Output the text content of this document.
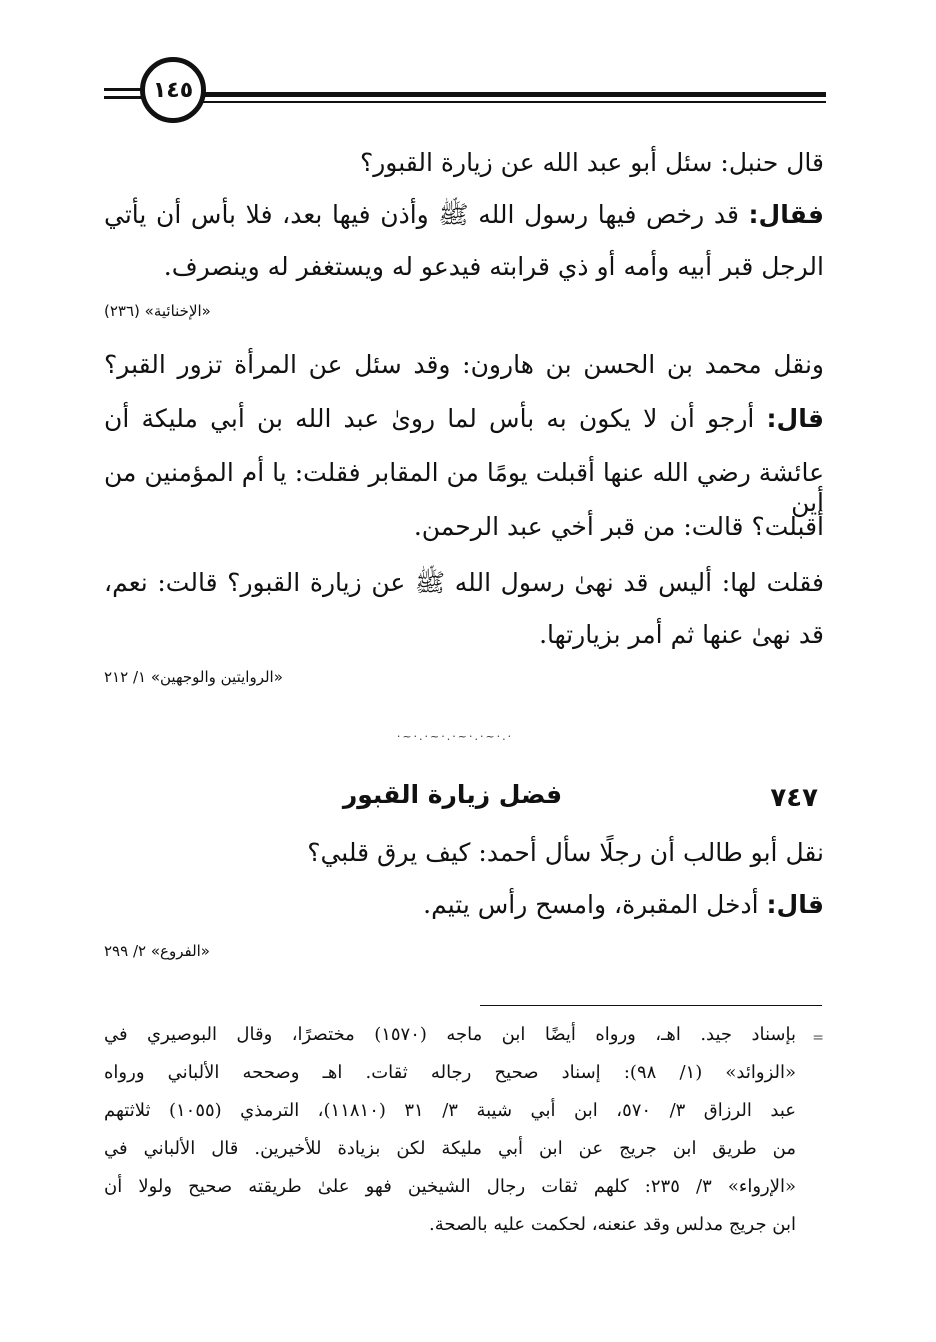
١٤٥
قال حنبل: سئل أبو عبد الله عن زيارة القبور؟
فقال: قد رخص فيها رسول الله ﷺ وأذن فيها بعد، فلا بأس أن يأتي
الرجل قبر أبيه وأمه أو ذي قرابته فيدعو له ويستغفر له وينصرف.
«الإخنائية» (٢٣٦)
ونقل محمد بن الحسن بن هارون: وقد سئل عن المرأة تزور القبر؟
قال: أرجو أن لا يكون به بأس لما روىٰ عبد الله بن أبي مليكة أن
عائشة رضي الله عنها أقبلت يومًا من المقابر فقلت: يا أم المؤمنين من أين
أقبلت؟ قالت: من قبر أخي عبد الرحمن.
فقلت لها: أليس قد نهىٰ رسول الله ﷺ عن زيارة القبور؟ قالت: نعم،
قد نهىٰ عنها ثم أمر بزيارتها.
«الروايتين والوجهين» ١/ ٢١٢
·.·~·.·~·.·~·.·~·
٧٤٧
فضل زيارة القبور
نقل أبو طالب أن رجلًا سأل أحمد: كيف يرق قلبي؟
قال: أدخل المقبرة، وامسح رأس يتيم.
«الفروع» ٢/ ٢٩٩
=
بإسناد جيد. اهـ، ورواه أيضًا ابن ماجه (١٥٧٠) مختصرًا، وقال البوصيري في
«الزوائد» (١/ ٩٨): إسناد صحيح رجاله ثقات. اهـ وصححه الألباني ورواه
عبد الرزاق ٣/ ٥٧٠، ابن أبي شيبة ٣/ ٣١ (١١٨١٠)، الترمذي (١٠٥٥) ثلاثتهم
من طريق ابن جريج عن ابن أبي مليكة لكن بزيادة للأخيرين. قال الألباني في
«الإرواء» ٣/ ٢٣٥: كلهم ثقات رجال الشيخين فهو علىٰ طريقته صحيح ولولا أن
ابن جريج مدلس وقد عنعنه، لحكمت عليه بالصحة.
